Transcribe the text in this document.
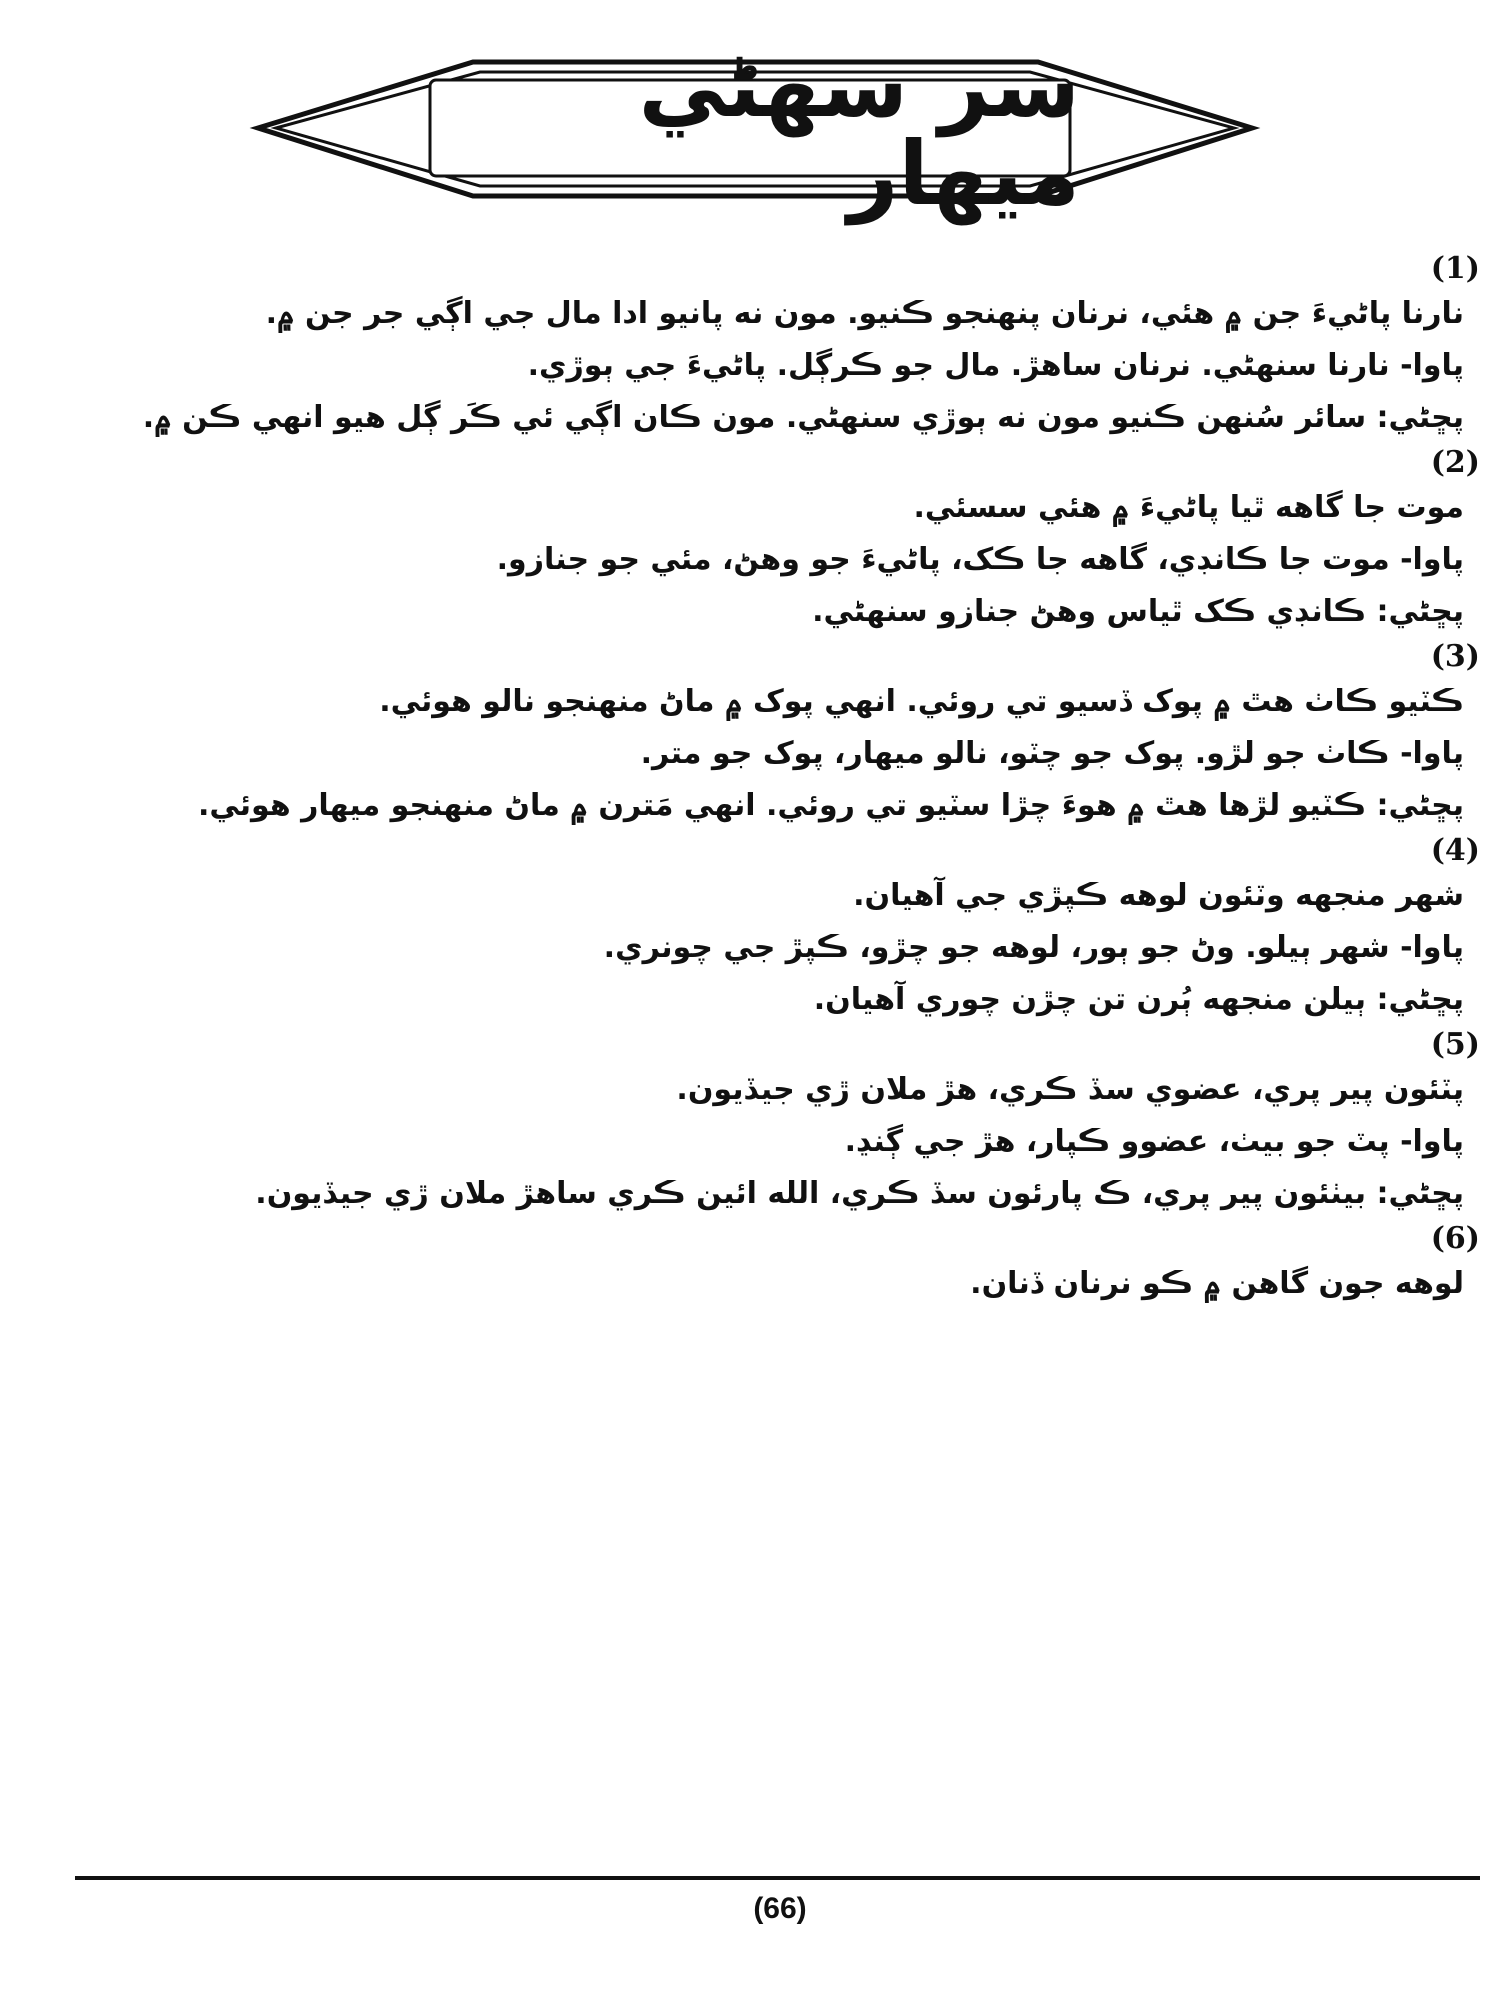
سر سهڻي ميهار
(1)
نارنا پاڻيءَ جن ۾ هئي، نرنان پنهنجو ڪنيو. مون نه پانيو ادا مال جي اڳي جر جن ۾.
پاوا- نارنا سنهڻي. نرنان ساهڙ. مال جو ڪرڳل. پاڻيءَ جي ٻوڙي.
پڇڻي: سائر سُنهن ڪنيو مون نه ٻوڙي سنهڻي. مون ڪان اڳي ئي ڪَر ڳل هيو انهي ڪن ۾.
(2)
موت جا گاهه ٿيا پاڻيءَ ۾ هئي سسئي.
پاوا- موت جا ڪانڊي، گاهه جا ڪک، پاڻيءَ جو وهڻ، مئي جو جنازو.
پڇڻي: ڪانڊي ڪک ٿياس وهڻ جنازو سنهڻي.
(3)
ڪٽيو ڪاٺ هٿ ۾ پوک ڏسيو تي روئي. انهي پوک ۾ ماڻ منهنجو نالو هوئي.
پاوا- ڪاٺ جو لڙو. پوک جو چٽو، نالو ميهار، پوک جو متر.
پڇڻي: ڪٽيو لڙها هٿ ۾ هوءَ چڙا سٽيو تي روئي. انهي مَترن ۾ ماڻ منهنجو ميهار هوئي.
(4)
شهر منجهه وٽئون لوهه ڪپڙي جي آهيان.
پاوا- شهر ٻيلو. وڻ جو ٻور، لوهه جو چڙو، ڪپڙ جي چونري.
پڇڻي: ٻيلن منجهه ٻُرن تن چڙن چوري آهيان.
(5)
پٽئون پير پري، عضوي سڏ ڪري، هڙ ملان ڙي جيڏيون.
پاوا- پٽ جو بيٺ، عضوو ڪپار، هڙ جي ڳنڍ.
پڇڻي: بيٺئون پير پري، ڪ پارئون سڏ ڪري، الله ائين ڪري ساهڙ ملان ڙي جيڏيون.
(6)
لوهه جون گاهن ۾ ڪو نرنان ڏنان.
(66)
